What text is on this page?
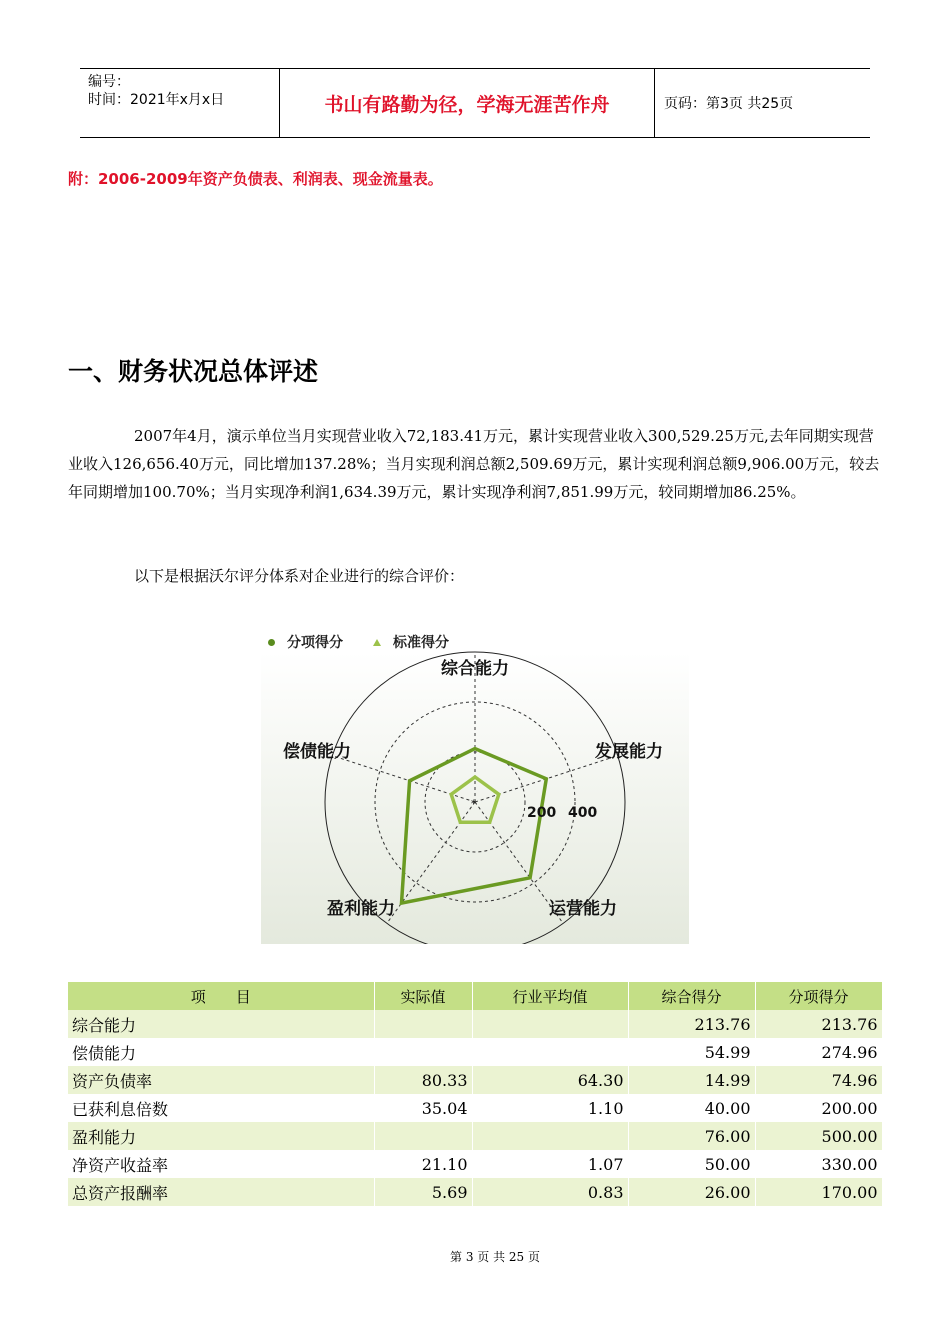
编号：
时间：2021年x月x日	书山有路勤为径，学海无涯苦作舟	页码：第3页 共25页
附：2006-2009年资产负债表、利润表、现金流量表。
一、财务状况总体评述
2007年4月，演示单位当月实现营业收入72,183.41万元，累计实现营业收入300,529.25万元,去年同期实现营业收入126,656.40万元，同比增加137.28%；当月实现利润总额2,509.69万元，累计实现利润总额9,906.00万元，较去年同期增加100.70%；当月实现净利润1,634.39万元，累计实现净利润7,851.99万元，较同期增加86.25%。
以下是根据沃尔评分体系对企业进行的综合评价：
*
200 400
综合能力
发展能力
运营能力
盈利能力
偿债能力
分项得分	标准得分
项　　目	实际值	行业平均值	综合得分	分项得分
综合能力			213.76	213.76
偿债能力			54.99	274.96
资产负债率	80.33	64.30	14.99	74.96
已获利息倍数	35.04	1.10	40.00	200.00
盈利能力			76.00	500.00
净资产收益率	21.10	1.07	50.00	330.00
总资产报酬率	5.69	0.83	26.00	170.00
第 3 页 共 25 页
